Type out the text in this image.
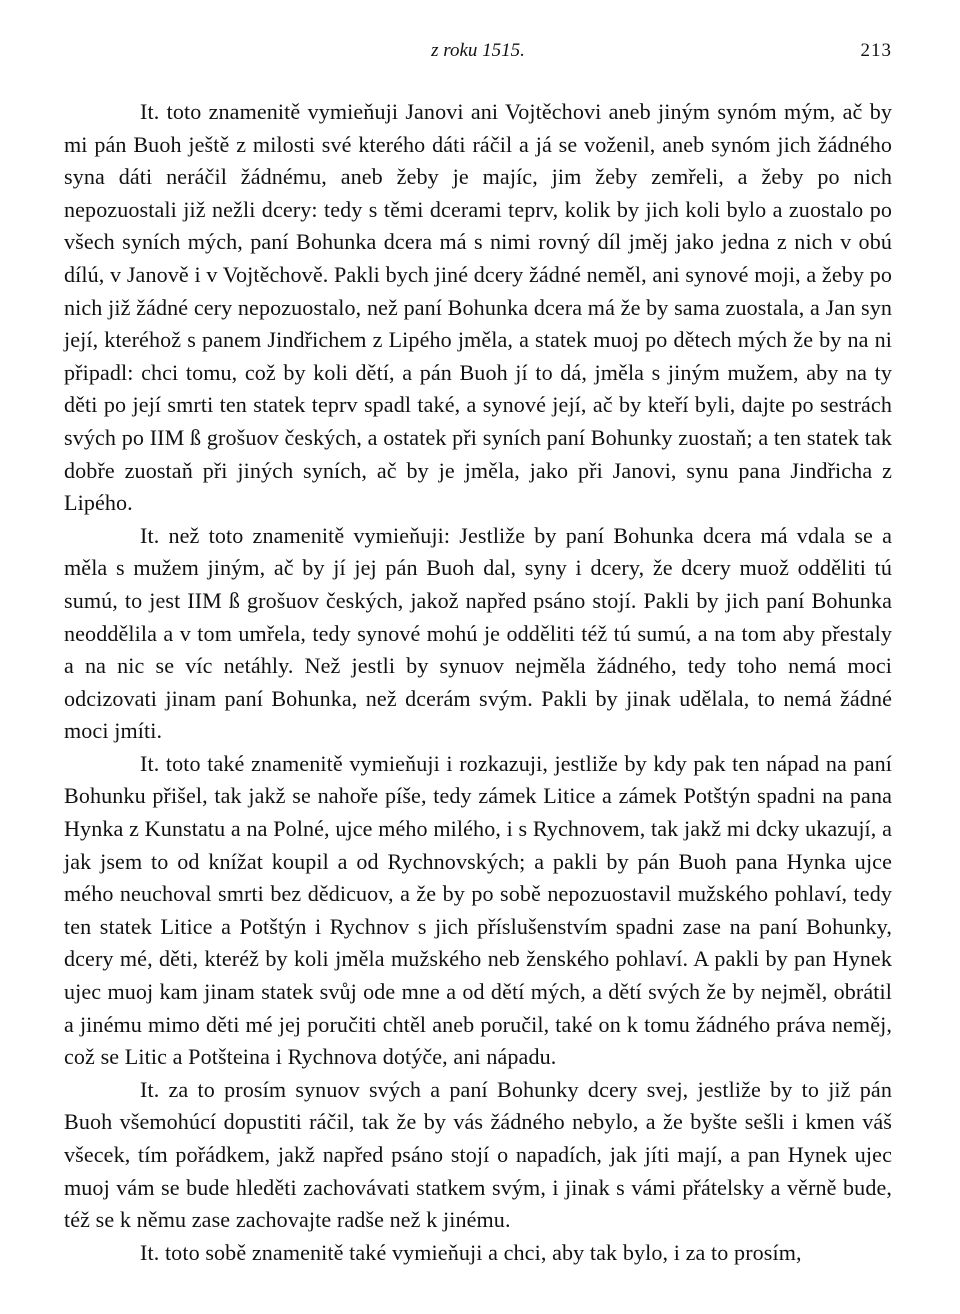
z roku 1515.	213

It. toto znamenitě vymieňuji Janovi ani Vojtěchovi aneb jiným synóm mým, ač by mi pán Buoh ještě z milosti své kterého dáti ráčil a já se voženil, aneb synóm jich žádného syna dáti neráčil žádnému, aneb žeby je majíc, jim žeby zemřeli, a žeby po nich nepozuostali již nežli dcery: tedy s těmi dcerami teprv, kolik by jich koli bylo a zuostalo po všech syních mých, paní Bohunka dcera má s nimi rovný díl jměj jako jedna z nich v obú dílú, v Janově i v Vojtěchově. Pakli bych jiné dcery žádné neměl, ani synové moji, a žeby po nich již žádné cery nepozuostalo, než paní Bohunka dcera má že by sama zuostala, a Jan syn její, kteréhož s panem Jindřichem z Lipého jměla, a statek muoj po dětech mých že by na ni připadl: chci tomu, což by koli dětí, a pán Buoh jí to dá, jměla s jiným mužem, aby na ty děti po její smrti ten statek teprv spadl také, a synové její, ač by kteří byli, dajte po sestrách svých po IIM ß grošuov českých, a ostatek při syních paní Bohunky zuostaň; a ten statek tak dobře zuostaň při jiných syních, ač by je jměla, jako při Janovi, synu pana Jindřicha z Lipého.

It. než toto znamenitě vymieňuji: Jestliže by paní Bohunka dcera má vdala se a měla s mužem jiným, ač by jí jej pán Buoh dal, syny i dcery, že dcery muož odděliti tú sumú, to jest IIM ß grošuov českých, jakož napřed psáno stojí. Pakli by jich paní Bohunka neoddělila a v tom umřela, tedy synové mohú je odděliti též tú sumú, a na tom aby přestaly a na nic se víc netáhly. Než jestli by synuov nejměla žádného, tedy toho nemá moci odcizovati jinam paní Bohunka, než dcerám svým. Pakli by jinak udělala, to nemá žádné moci jmíti.

It. toto také znamenitě vymieňuji i rozkazuji, jestliže by kdy pak ten nápad na paní Bohunku přišel, tak jakž se nahoře píše, tedy zámek Litice a zámek Potštýn spadni na pana Hynka z Kunstatu a na Polné, ujce mého milého, i s Rychnovem, tak jakž mi dcky ukazují, a jak jsem to od knížat koupil a od Rychnovských; a pakli by pán Buoh pana Hynka ujce mého neuchoval smrti bez dědicuov, a že by po sobě nepozuostavil mužského pohlaví, tedy ten statek Litice a Potštýn i Rychnov s jich příslušenstvím spadni zase na paní Bohunky, dcery mé, děti, kteréž by koli jměla mužského neb ženského pohlaví. A pakli by pan Hynek ujec muoj kam jinam statek svůj ode mne a od dětí mých, a dětí svých že by nejměl, obrátil a jinému mimo děti mé jej poručiti chtěl aneb poručil, také on k tomu žádného práva neměj, což se Litic a Potšteina i Rychnova dotýče, ani nápadu.

It. za to prosím synuov svých a paní Bohunky dcery svej, jestliže by to již pán Buoh všemohúcí dopustiti ráčil, tak že by vás žádného nebylo, a že byšte sešli i kmen váš všecek, tím pořádkem, jakž napřed psáno stojí o napadích, jak jíti mají, a pan Hynek ujec muoj vám se bude hleděti zachovávati statkem svým, i jinak s vámi přátelsky a věrně bude, též se k němu zase zachovajte radše než k jinému.

It. toto sobě znamenitě také vymieňuji a chci, aby tak bylo, i za to prosím,
